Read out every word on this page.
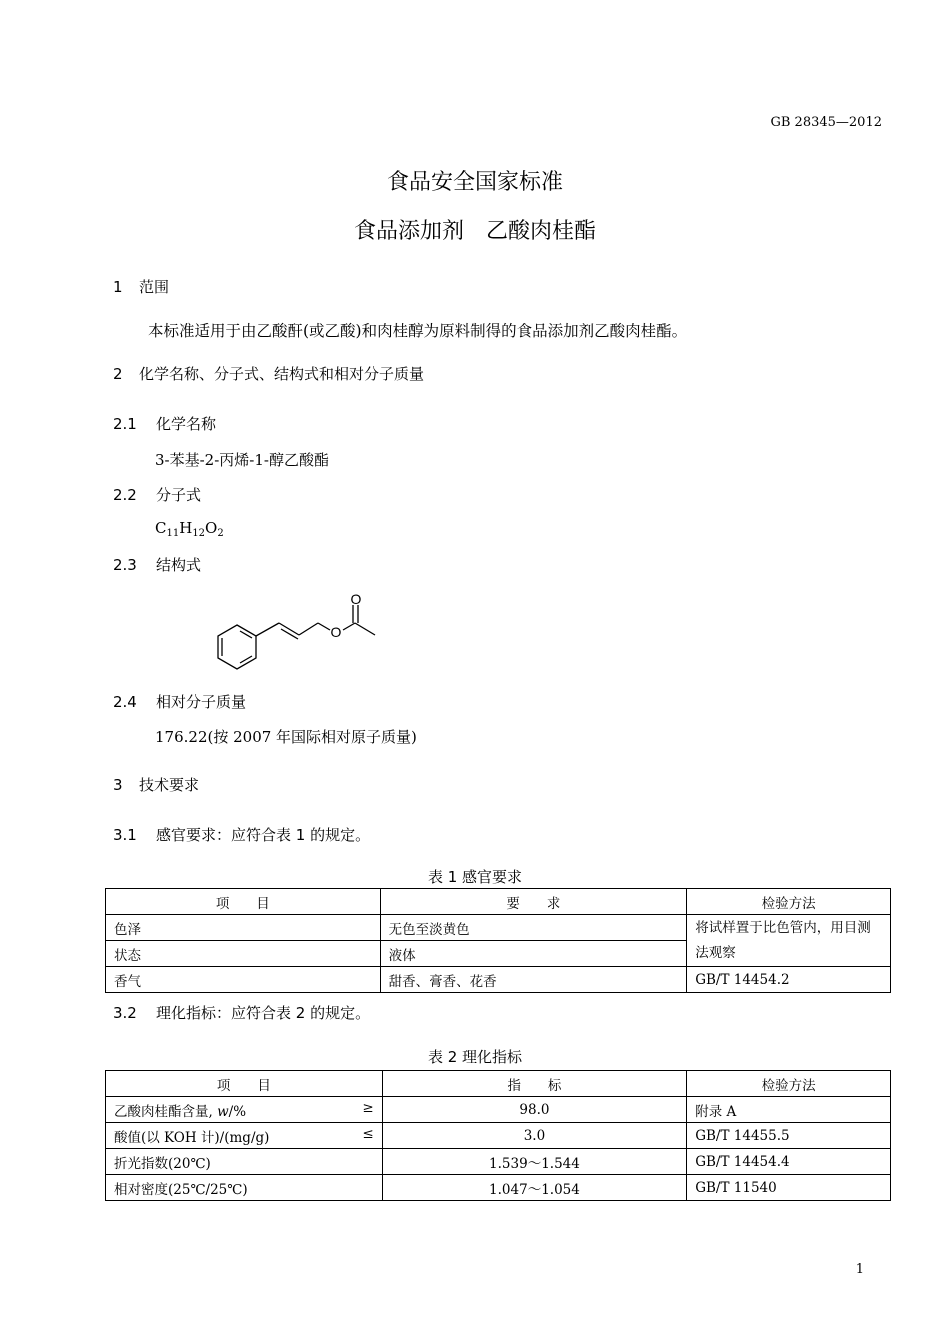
GB 28345—2012
食品安全国家标准
食品添加剂　乙酸肉桂酯
1 范围
本标准适用于由乙酸酐(或乙酸)和肉桂醇为原料制得的食品添加剂乙酸肉桂酯。
2 化学名称、分子式、结构式和相对分子质量
2.1 化学名称
3-苯基-2-丙烯-1-醇乙酸酯
2.2 分子式
$C_{11}H_{12}O_2$
2.3 结构式
O
O
2.4 相对分子质量
176.22(按 2007 年国际相对原子质量)
3 技术要求
3.1 感官要求：应符合表 1 的规定。
表 1 感官要求
项　　目	要　　求	检验方法
色泽	无色至淡黄色	将试样置于比色管内，用目测法观察
状态	液体	
香气	甜香、膏香、花香	GB/T 14454.2
3.2 理化指标：应符合表 2 的规定。
表 2 理化指标
项　　目	指　　标	检验方法

乙酸肉桂酯含量, w/% ≥	98.0	附录 A

酸值(以 KOH 计)/(mg/g) ≤	3.0	GB/T 14455.5
折光指数(20℃)	1.539～1.544	GB/T 14454.4
相对密度(25℃/25℃)	1.047～1.054	GB/T 11540
1
